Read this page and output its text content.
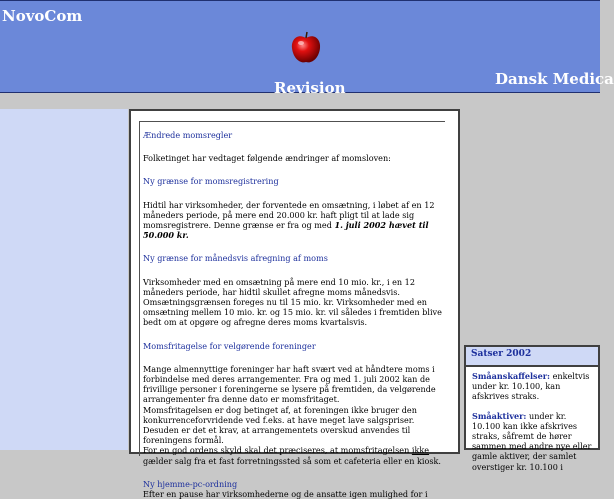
NovoCom
Revision	Dansk Medica

Ændrede momsregler

Folketinget har vedtaget følgende ændringer af momsloven:

Ny grænse for momsregistrering

Hidtil har virksomheder, der forventede en omsætning, i løbet af en 12 måneders periode, på mere end 20.000 kr. haft pligt til at lade sig momsregistrere. Denne grænse er fra og med 1. juli 2002 hævet til 50.000 kr.

Ny grænse for månedsvis afregning af moms

Virksomheder med en omsætning på mere end 10 mio. kr., i en 12 måneders periode, har hidtil skullet afregne moms månedsvis. Omsætningsgrænsen foreges nu til 15 mio. kr. Virksomheder med en omsætning mellem 10 mio. kr. og 15 mio. kr. vil således i fremtiden blive bedt om at opgøre og afregne deres moms kvartalsvis.

Momsfritagelse for velgørende foreninger

Mange almennyttige foreninger har haft svært ved at håndtere moms i forbindelse med deres arrangementer. Fra og med 1. juli 2002 kan de frivillige personer i foreningerne se lysere på fremtiden, da velgørende arrangementer fra denne dato er momsfritaget.

Momsfritagelsen er dog betinget af, at foreningen ikke bruger den konkurrenceforvridende ved f.eks. at have meget lave salgspriser. Desuden er det et krav, at arrangementets overskud anvendes til foreningens formål.

For en god ordens skyld skal det præciseres, at momsfritagelsen ikke gælder salg fra et fast forretningssted så som et cafeteria eller en kiosk.

Ny hjemme-pc-ordning

Efter en pause har virksomhederne og de ansatte igen mulighed for i

Satser 2002
Småanskaffelser: enkeltvis under kr. 10.100, kan afskrives straks.
Småaktiver: under kr. 10.100 kan ikke afskrives straks, såfremt de hører sammen med andre nye eller gamle aktiver, der samlet overstiger kr. 10.100 i
